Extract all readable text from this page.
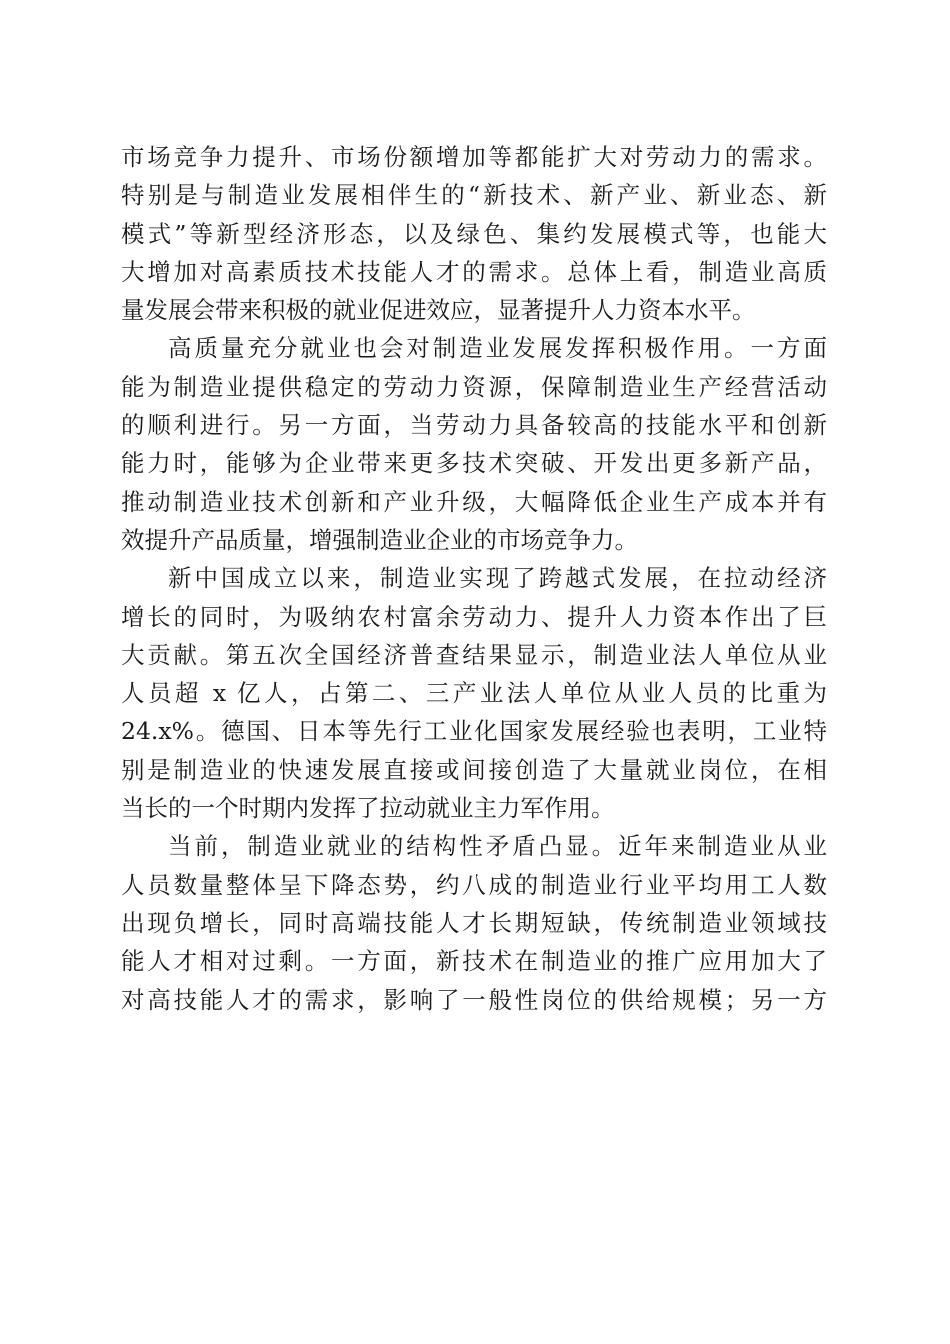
市场竞争力提升、市场份额增加等都能扩大对劳动力的需求。
特别是与制造业发展相伴生的“新技术、新产业、新业态、新
模式”等新型经济形态，以及绿色、集约发展模式等，也能大
大增加对高素质技术技能人才的需求。总体上看，制造业高质
量发展会带来积极的就业促进效应，显著提升人力资本水平。
高质量充分就业也会对制造业发展发挥积极作用。一方面
能为制造业提供稳定的劳动力资源，保障制造业生产经营活动
的顺利进行。另一方面，当劳动力具备较高的技能水平和创新
能力时，能够为企业带来更多技术突破、开发出更多新产品，
推动制造业技术创新和产业升级，大幅降低企业生产成本并有
效提升产品质量，增强制造业企业的市场竞争力。
新中国成立以来，制造业实现了跨越式发展，在拉动经济
增长的同时，为吸纳农村富余劳动力、提升人力资本作出了巨
大贡献。第五次全国经济普查结果显示，制造业法人单位从业
人员超 x 亿人，占第二、三产业法人单位从业人员的比重为
24.x%。德国、日本等先行工业化国家发展经验也表明，工业特
别是制造业的快速发展直接或间接创造了大量就业岗位，在相
当长的一个时期内发挥了拉动就业主力军作用。
当前，制造业就业的结构性矛盾凸显。近年来制造业从业
人员数量整体呈下降态势，约八成的制造业行业平均用工人数
出现负增长，同时高端技能人才长期短缺，传统制造业领域技
能人才相对过剩。一方面，新技术在制造业的推广应用加大了
对高技能人才的需求，影响了一般性岗位的供给规模；另一方
